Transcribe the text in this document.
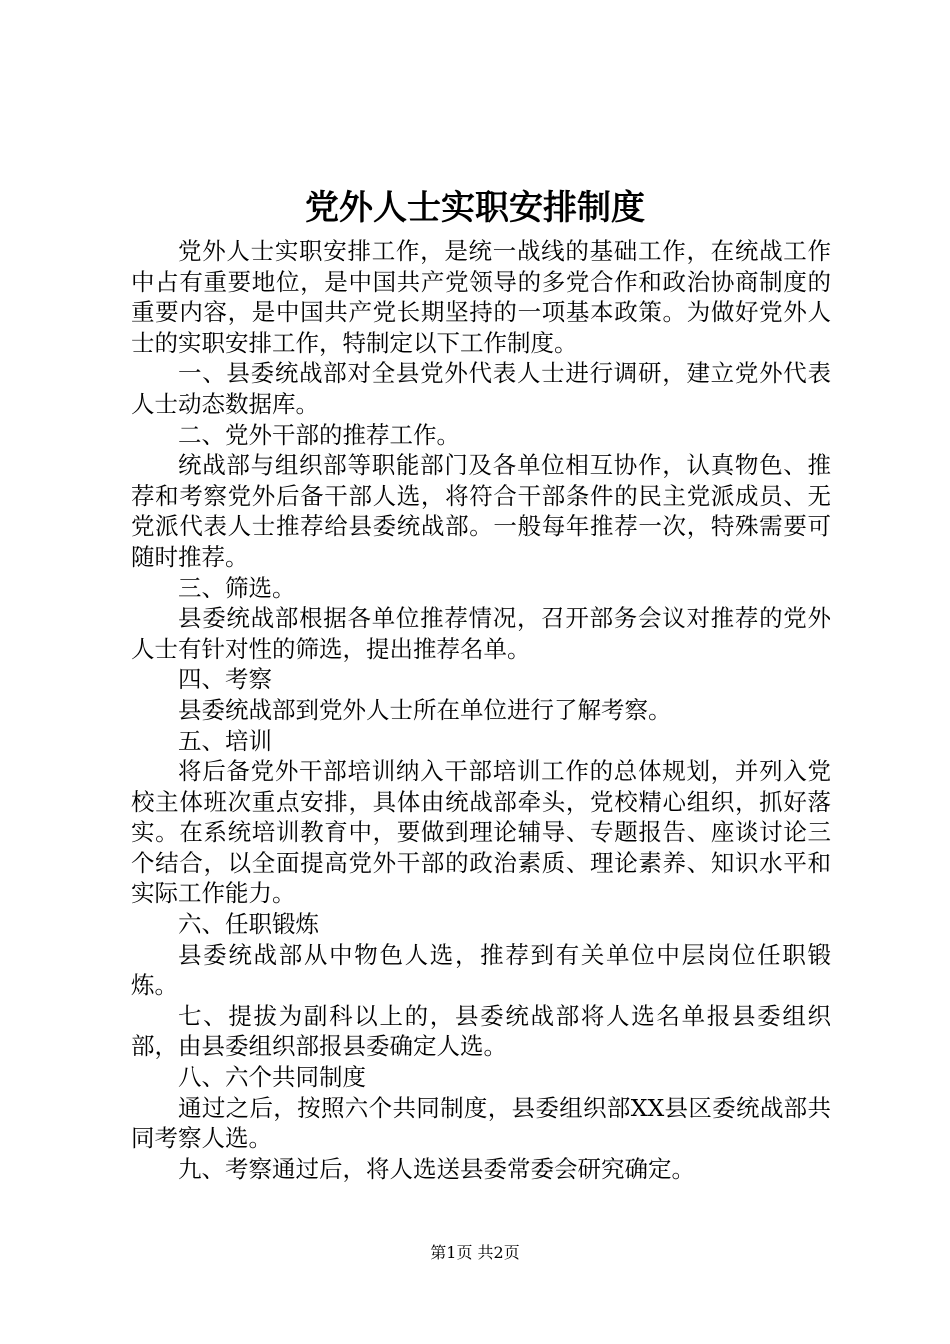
党外人士实职安排制度

党外人士实职安排工作，是统一战线的基础工作，在统战工作中占有重要地位，是中国共产党领导的多党合作和政治协商制度的重要内容，是中国共产党长期坚持的一项基本政策。为做好党外人士的实职安排工作，特制定以下工作制度。

一、县委统战部对全县党外代表人士进行调研，建立党外代表人士动态数据库。

二、党外干部的推荐工作。

统战部与组织部等职能部门及各单位相互协作，认真物色、推荐和考察党外后备干部人选，将符合干部条件的民主党派成员、无党派代表人士推荐给县委统战部。一般每年推荐一次，特殊需要可随时推荐。

三、筛选。

县委统战部根据各单位推荐情况，召开部务会议对推荐的党外人士有针对性的筛选，提出推荐名单。

四、考察

县委统战部到党外人士所在单位进行了解考察。

五、培训

将后备党外干部培训纳入干部培训工作的总体规划，并列入党校主体班次重点安排，具体由统战部牵头，党校精心组织，抓好落实。在系统培训教育中，要做到理论辅导、专题报告、座谈讨论三个结合，以全面提高党外干部的政治素质、理论素养、知识水平和实际工作能力。

六、任职锻炼

县委统战部从中物色人选，推荐到有关单位中层岗位任职锻炼。

七、提拔为副科以上的，县委统战部将人选名单报县委组织部，由县委组织部报县委确定人选。

八、六个共同制度

通过之后，按照六个共同制度，县委组织部XX县区委统战部共同考察人选。

九、考察通过后，将人选送县委常委会研究确定。

第1页 共2页
